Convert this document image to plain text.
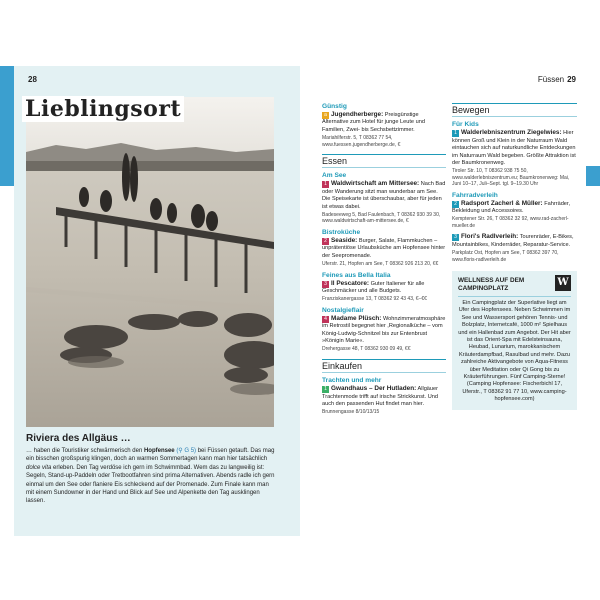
28	Füssen 29
Lieblingsort
Riviera des Allgäus …
… haben die Touristiker schwärmerisch den Hopfensee (⚲ G 5) bei Füssen getauft. Das mag ein bisschen großspurig klingen, doch an warmen Sommertagen kann man hier tatsächlich dolce vita erleben. Den Tag verdöse ich gern im Schwimmbad. Wem das zu langweilig ist: Segeln, Stand-up-Paddeln oder Tretbootfahren sind prima Alternativen. Abends radle ich gern einmal um den See oder flaniere Eis schleckend auf der Promenade. Zum Finale kann man mit einem Sundowner in der Hand und Blick auf See und Alpenkette den Tag ausklingen lassen.
Günstig
a Jugendherberge: Preisgünstige Alternative zum Hotel für junge Leute und Familien, Zwei- bis Sechsbettzimmer.
Mariahilferstr. 5, T 08362 77 54, www.fuessen.jugendherberge.de, €
Essen
Am See
1 Waldwirtschaft am Mittersee: Nach Bad oder Wanderung sitzt man wunderbar am See. Die Speisekarte ist überschaubar, aber für jeden ist etwas dabei.
Badeseeweg 5, Bad Faulenbach, T 08362 930 39 30, www.waldwirtschaft-am-mittersee.de, €
Bistroküche
2 Seaside: Burger, Salate, Flammkuchen – unprätentiöse Urlaubsküche am Hopfensee hinter der Seepromenade.
Uferstr. 21, Hopfen am See, T 08362 926 213 20, €€
Feines aus Bella Italia
3 Il Pescatore: Guter Italiener für alle Geschmäcker und alle Budgets.
Franziskanergasse 13, T 08362 92 43 43, €–€€
Nostalgieflair
4 Madame Plüsch: Wohnzimmeratmosphäre im Retrostil begegnet hier ,Regionalküche – vom König-Ludwig-Schnitzel bis zur Entenbrust »Königin Marie«.
Drehergasse 48, T 08362 930 09 49, €€
Einkaufen
Trachten und mehr
1 Gwandhaus – Der Hutladen: Allgäuer Trachtenmode trifft auf irische Strickkunst. Und auch den passenden Hut findet man hier.
Brunnengasse 8/10/13/15
Bewegen
Für Kids
1 Walderlebniszentrum Ziegelwies: Hier können Groß und Klein in der Naturraum Wald eintauchen sich auf naturkundliche Entdeckungen im Naturraum Wald begeben. Größte Attraktion ist der Baumkronenweg.
Tiroler Str. 10, T 08362 938 75 50, www.walderlebniszentrum.eu; Baumkronenweg: Mai, Juni 10–17, Juli–Sept. tgl. 9–19.30 Uhr
Fahrradverleih
2 Radsport Zacherl & Müller: Fahrräder, Bekleidung und Accessoires.
Kemptener Str. 26, T 08362 32 92, www.rad-zacherl-mueller.de
3 Flori's Radlverleih: Tourenräder, E-Bikes, Mountainbikes, Kinderräder, Reparatur-Service.
Parkplatz Ost, Hopfen am See, T 08362 397 70, www.floris-radlverleih.de
W
WELLNESS AUF DEM
CAMPINGPLATZ
Ein Campingplatz der Superlative liegt am Ufer des Hopfensees. Neben Schwimmen im See und Wassersport gehören Tennis- und Bolzplatz, Internetcafé, 1000 m² Spielhaus und ein Hallenbad zum Angebot. Der Hit aber ist das Orient-Spa mit Edelsteinsauna, Heubad, Lunarium, marokkanischem Kräuterdampfbad, Rasulbad und mehr. Dazu zahlreiche Aktivangebote von Aqua-Fitness über Meditation oder Qi Gong bis zu Kräuterführungen. Fünf Camping-Sterne! (Camping Hopfensee: Fischerbichl 17, Uferstr., T 08362 91 77 10, www.camping-hopfensee.com)
